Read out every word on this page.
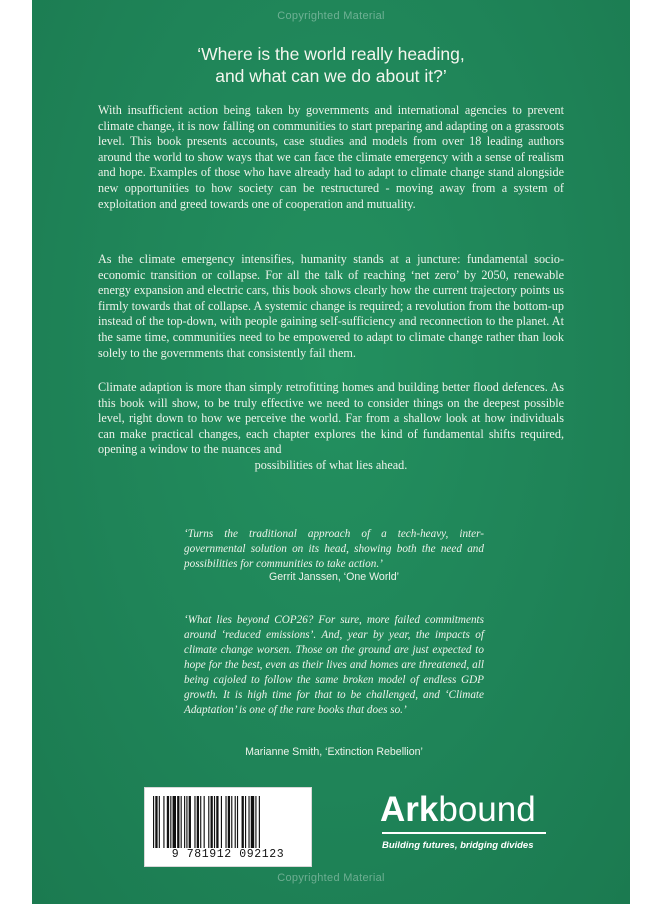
Copyrighted Material
‘Where is the world really heading,
and what can we do about it?’

With insufficient action being taken by governments and international agencies to prevent climate change, it is now falling on communities to start preparing and adapting on a grassroots level. This book presents accounts, case studies and models from over 18 leading authors around the world to show ways that we can face the climate emergency with a sense of realism and hope. Examples of those who have already had to adapt to climate change stand alongside new opportunities to how society can be restructured - moving away from a system of exploitation and greed towards one of cooperation and mutuality.

As the climate emergency intensifies, humanity stands at a juncture: fundamental socio-economic transition or collapse. For all the talk of reaching ‘net zero’ by 2050, renewable energy expansion and electric cars, this book shows clearly how the current trajectory points us firmly towards that of collapse. A systemic change is required; a revolution from the bottom-up instead of the top-down, with people gaining self-sufficiency and reconnection to the planet. At the same time, communities need to be empowered to adapt to climate change rather than look solely to the governments that consistently fail them.

Climate adaption is more than simply retrofitting homes and building better flood defences. As this book will show, to be truly effective we need to consider things on the deepest possible level, right down to how we perceive the world. Far from a shallow look at how individuals can make practical changes, each chapter explores the kind of fundamental shifts required, opening a window to the nuances and
possibilities of what lies ahead.

‘Turns the traditional approach of a tech-heavy, inter-governmental solution on its head, showing both the need and possibilities for communities to take action.’

Gerrit Janssen, ‘One World’

‘What lies beyond COP26? For sure, more failed commitments around ‘reduced emissions’. And, year by year, the impacts of climate change worsen. Those on the ground are just expected to hope for the best, even as their lives and homes are threatened, all being cajoled to follow the same broken model of endless GDP growth. It is high time for that to be challenged, and ‘Climate Adaptation’ is one of the rare books that does so.’

Marianne Smith, ‘Extinction Rebellion’
9 781912 092123
Arkbound
Building futures, bridging divides
Copyrighted Material
